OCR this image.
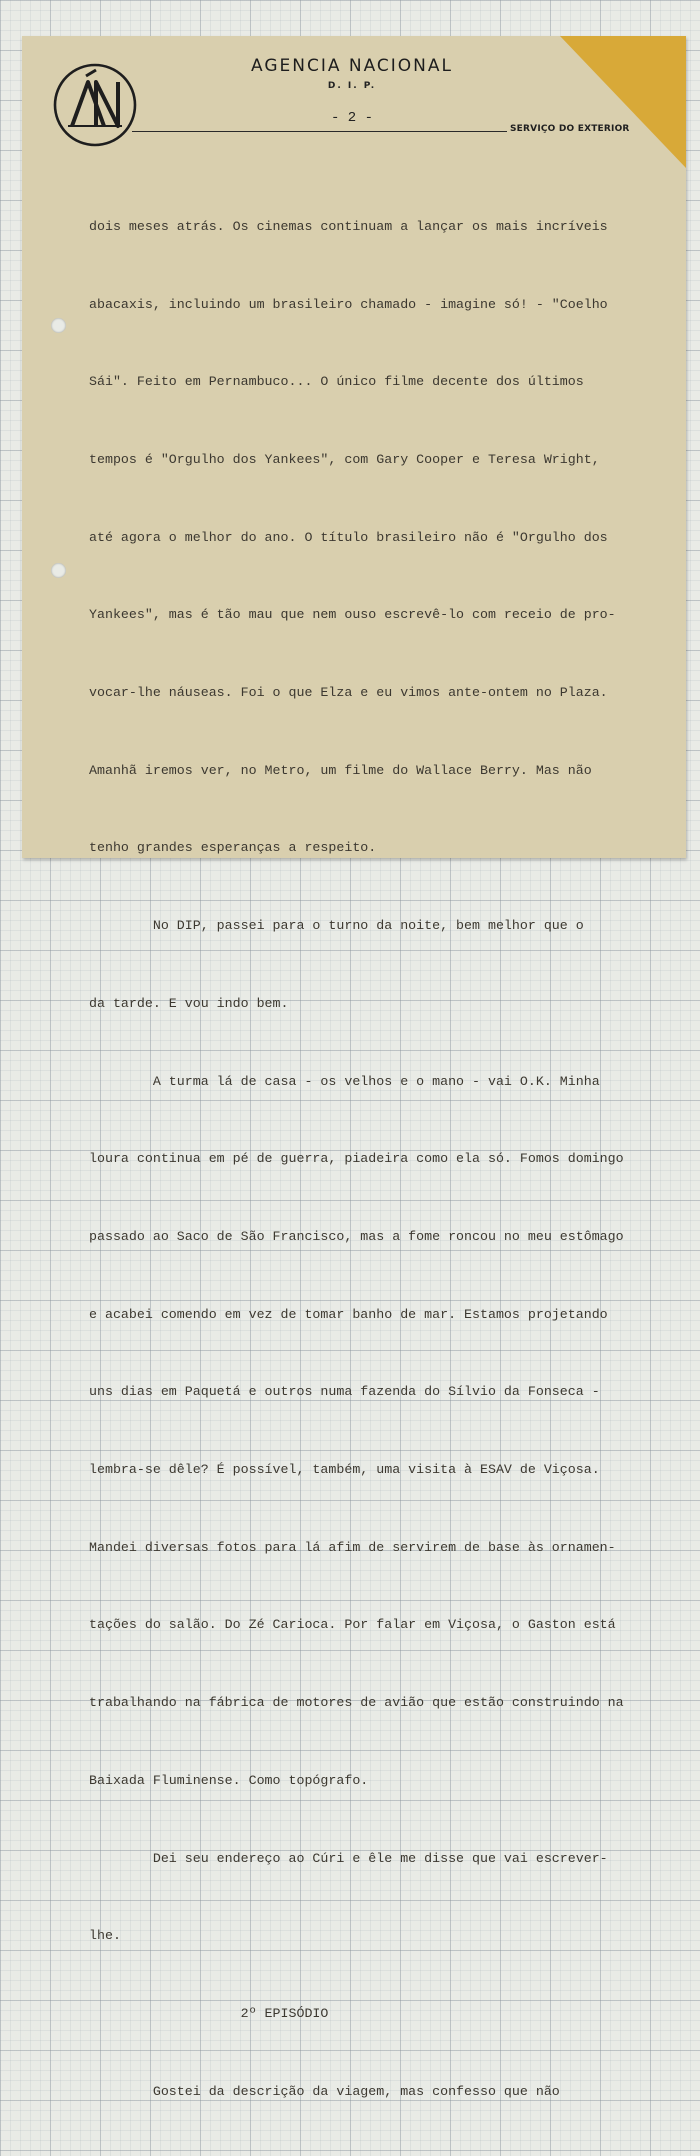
AGENCIA NACIONAL
D. I. P.
- 2 -
SERVIÇO DO EXTERIOR

dois meses atrás. Os cinemas continuam a lançar os mais incríveis

abacaxis, incluindo um brasileiro chamado - imagine só! - "Coelho

Sái". Feito em Pernambuco... O único filme decente dos últimos

tempos é "Orgulho dos Yankees", com Gary Cooper e Teresa Wright,

até agora o melhor do ano. O título brasileiro não é "Orgulho dos

Yankees", mas é tão mau que nem ouso escrevê-lo com receio de pro-

vocar-lhe náuseas. Foi o que Elza e eu vimos ante-ontem no Plaza.

Amanhã iremos ver, no Metro, um filme do Wallace Berry. Mas não

tenho grandes esperanças a respeito.

No DIP, passei para o turno da noite, bem melhor que o

da tarde. E vou indo bem.

A turma lá de casa - os velhos e o mano - vai O.K. Minha

loura continua em pé de guerra, piadeira como ela só. Fomos domingo

passado ao Saco de São Francisco, mas a fome roncou no meu estômago

e acabei comendo em vez de tomar banho de mar. Estamos projetando

uns dias em Paquetá e outros numa fazenda do Sílvio da Fonseca -

lembra-se dêle? É possível, também, uma visita à ESAV de Viçosa.

Mandei diversas fotos para lá afim de servirem de base às ornamen-

tações do salão. Do Zé Carioca. Por falar em Viçosa, o Gaston está

trabalhando na fábrica de motores de avião que estão construindo na

Baixada Fluminense. Como topógrafo.

Dei seu endereço ao Cúri e êle me disse que vai escrever-

lhe.

2º EPISÓDIO

Gostei da descrição da viagem, mas confesso que não
